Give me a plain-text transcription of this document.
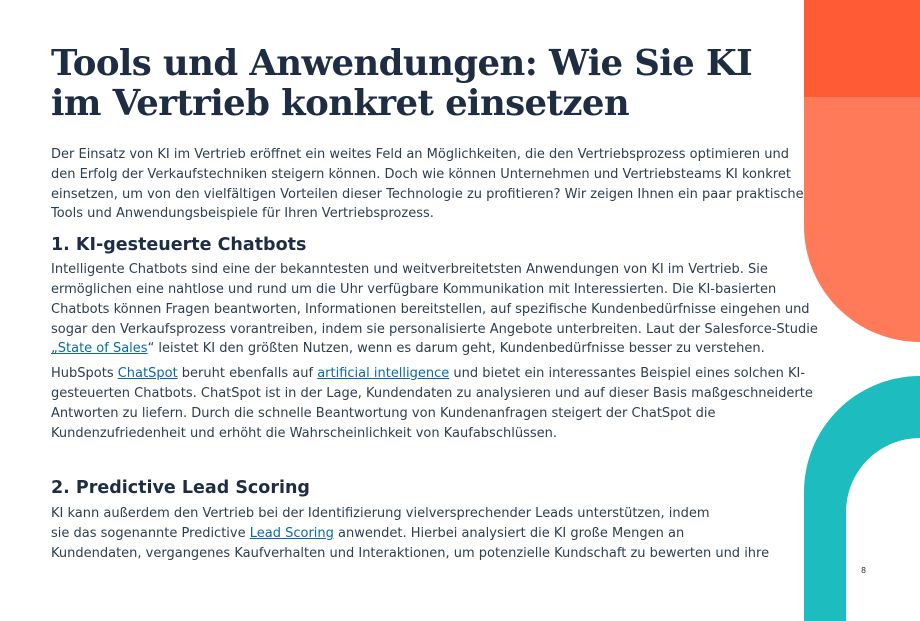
Tools und Anwendungen: Wie Sie KI
im Vertrieb konkret einsetzen

Der Einsatz von KI im Vertrieb eröffnet ein weites Feld an Möglichkeiten, die den Vertriebsprozess optimieren und
den Erfolg der Verkaufstechniken steigern können. Doch wie können Unternehmen und Vertriebsteams KI konkret
einsetzen, um von den vielfältigen Vorteilen dieser Technologie zu profitieren? Wir zeigen Ihnen ein paar praktische
Tools und Anwendungsbeispiele für Ihren Vertriebsprozess.

1. KI-gesteuerte Chatbots

Intelligente Chatbots sind eine der bekanntesten und weitverbreitetsten Anwendungen von KI im Vertrieb. Sie
ermöglichen eine nahtlose und rund um die Uhr verfügbare Kommunikation mit Interessierten. Die KI-basierten
Chatbots können Fragen beantworten, Informationen bereitstellen, auf spezifische Kundenbedürfnisse eingehen und
sogar den Verkaufsprozess vorantreiben, indem sie personalisierte Angebote unterbreiten. Laut der Salesforce-Studie
„State of Sales“ leistet KI den größten Nutzen, wenn es darum geht, Kundenbedürfnisse besser zu verstehen.

HubSpots ChatSpot beruht ebenfalls auf artificial intelligence und bietet ein interessantes Beispiel eines solchen KI-
gesteuerten Chatbots. ChatSpot ist in der Lage, Kundendaten zu analysieren und auf dieser Basis maßgeschneiderte
Antworten zu liefern. Durch die schnelle Beantwortung von Kundenanfragen steigert der ChatSpot die
Kundenzufriedenheit und erhöht die Wahrscheinlichkeit von Kaufabschlüssen.

2. Predictive Lead Scoring

KI kann außerdem den Vertrieb bei der Identifizierung vielversprechender Leads unterstützen, indem
sie das sogenannte Predictive Lead Scoring anwendet. Hierbei analysiert die KI große Mengen an
Kundendaten, vergangenes Kaufverhalten und Interaktionen, um potenzielle Kundschaft zu bewerten und ihre

8
